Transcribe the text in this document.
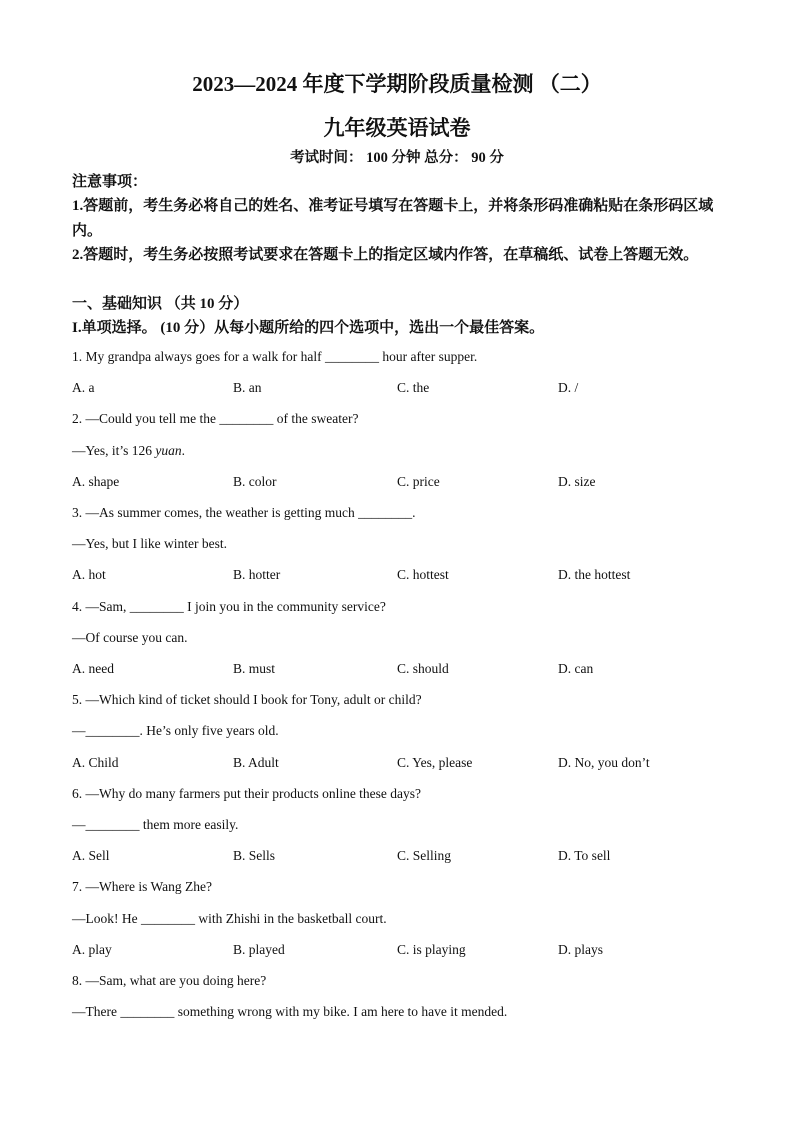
2023—2024 年度下学期阶段质量检测 （二）
九年级英语试卷
考试时间： 100 分钟 总分： 90 分
注意事项：
1.答题前，考生务必将自己的姓名、准考证号填写在答题卡上，并将条形码准确粘贴在条形码区域内。
2.答题时，考生务必按照考试要求在答题卡上的指定区域内作答，在草稿纸、试卷上答题无效。
一、基础知识 （共 10 分）
I.单项选择。 (10 分）从每小题所给的四个选项中，选出一个最佳答案。
1. My grandpa always goes for a walk for half ________ hour after supper.
A. a	B. an	C. the	D. /
2. —Could you tell me the ________ of the sweater?
—Yes, it’s 126 yuan.
A. shape	B. color	C. price	D. size
3. —As summer comes, the weather is getting much ________.
—Yes, but I like winter best.
A. hot	B. hotter	C. hottest	D. the hottest
4. —Sam, ________ I join you in the community service?
—Of course you can.
A. need	B. must	C. should	D. can
5. —Which kind of ticket should I book for Tony, adult or child?
—________. He’s only five years old.
A. Child	B. Adult	C. Yes, please	D. No, you don’t
6. —Why do many farmers put their products online these days?
—________ them more easily.
A. Sell	B. Sells	C. Selling	D. To sell
7. —Where is Wang Zhe?
—Look! He ________ with Zhishi in the basketball court.
A. play	B. played	C. is playing	D. plays
8. —Sam, what are you doing here?
—There ________ something wrong with my bike. I am here to have it mended.
